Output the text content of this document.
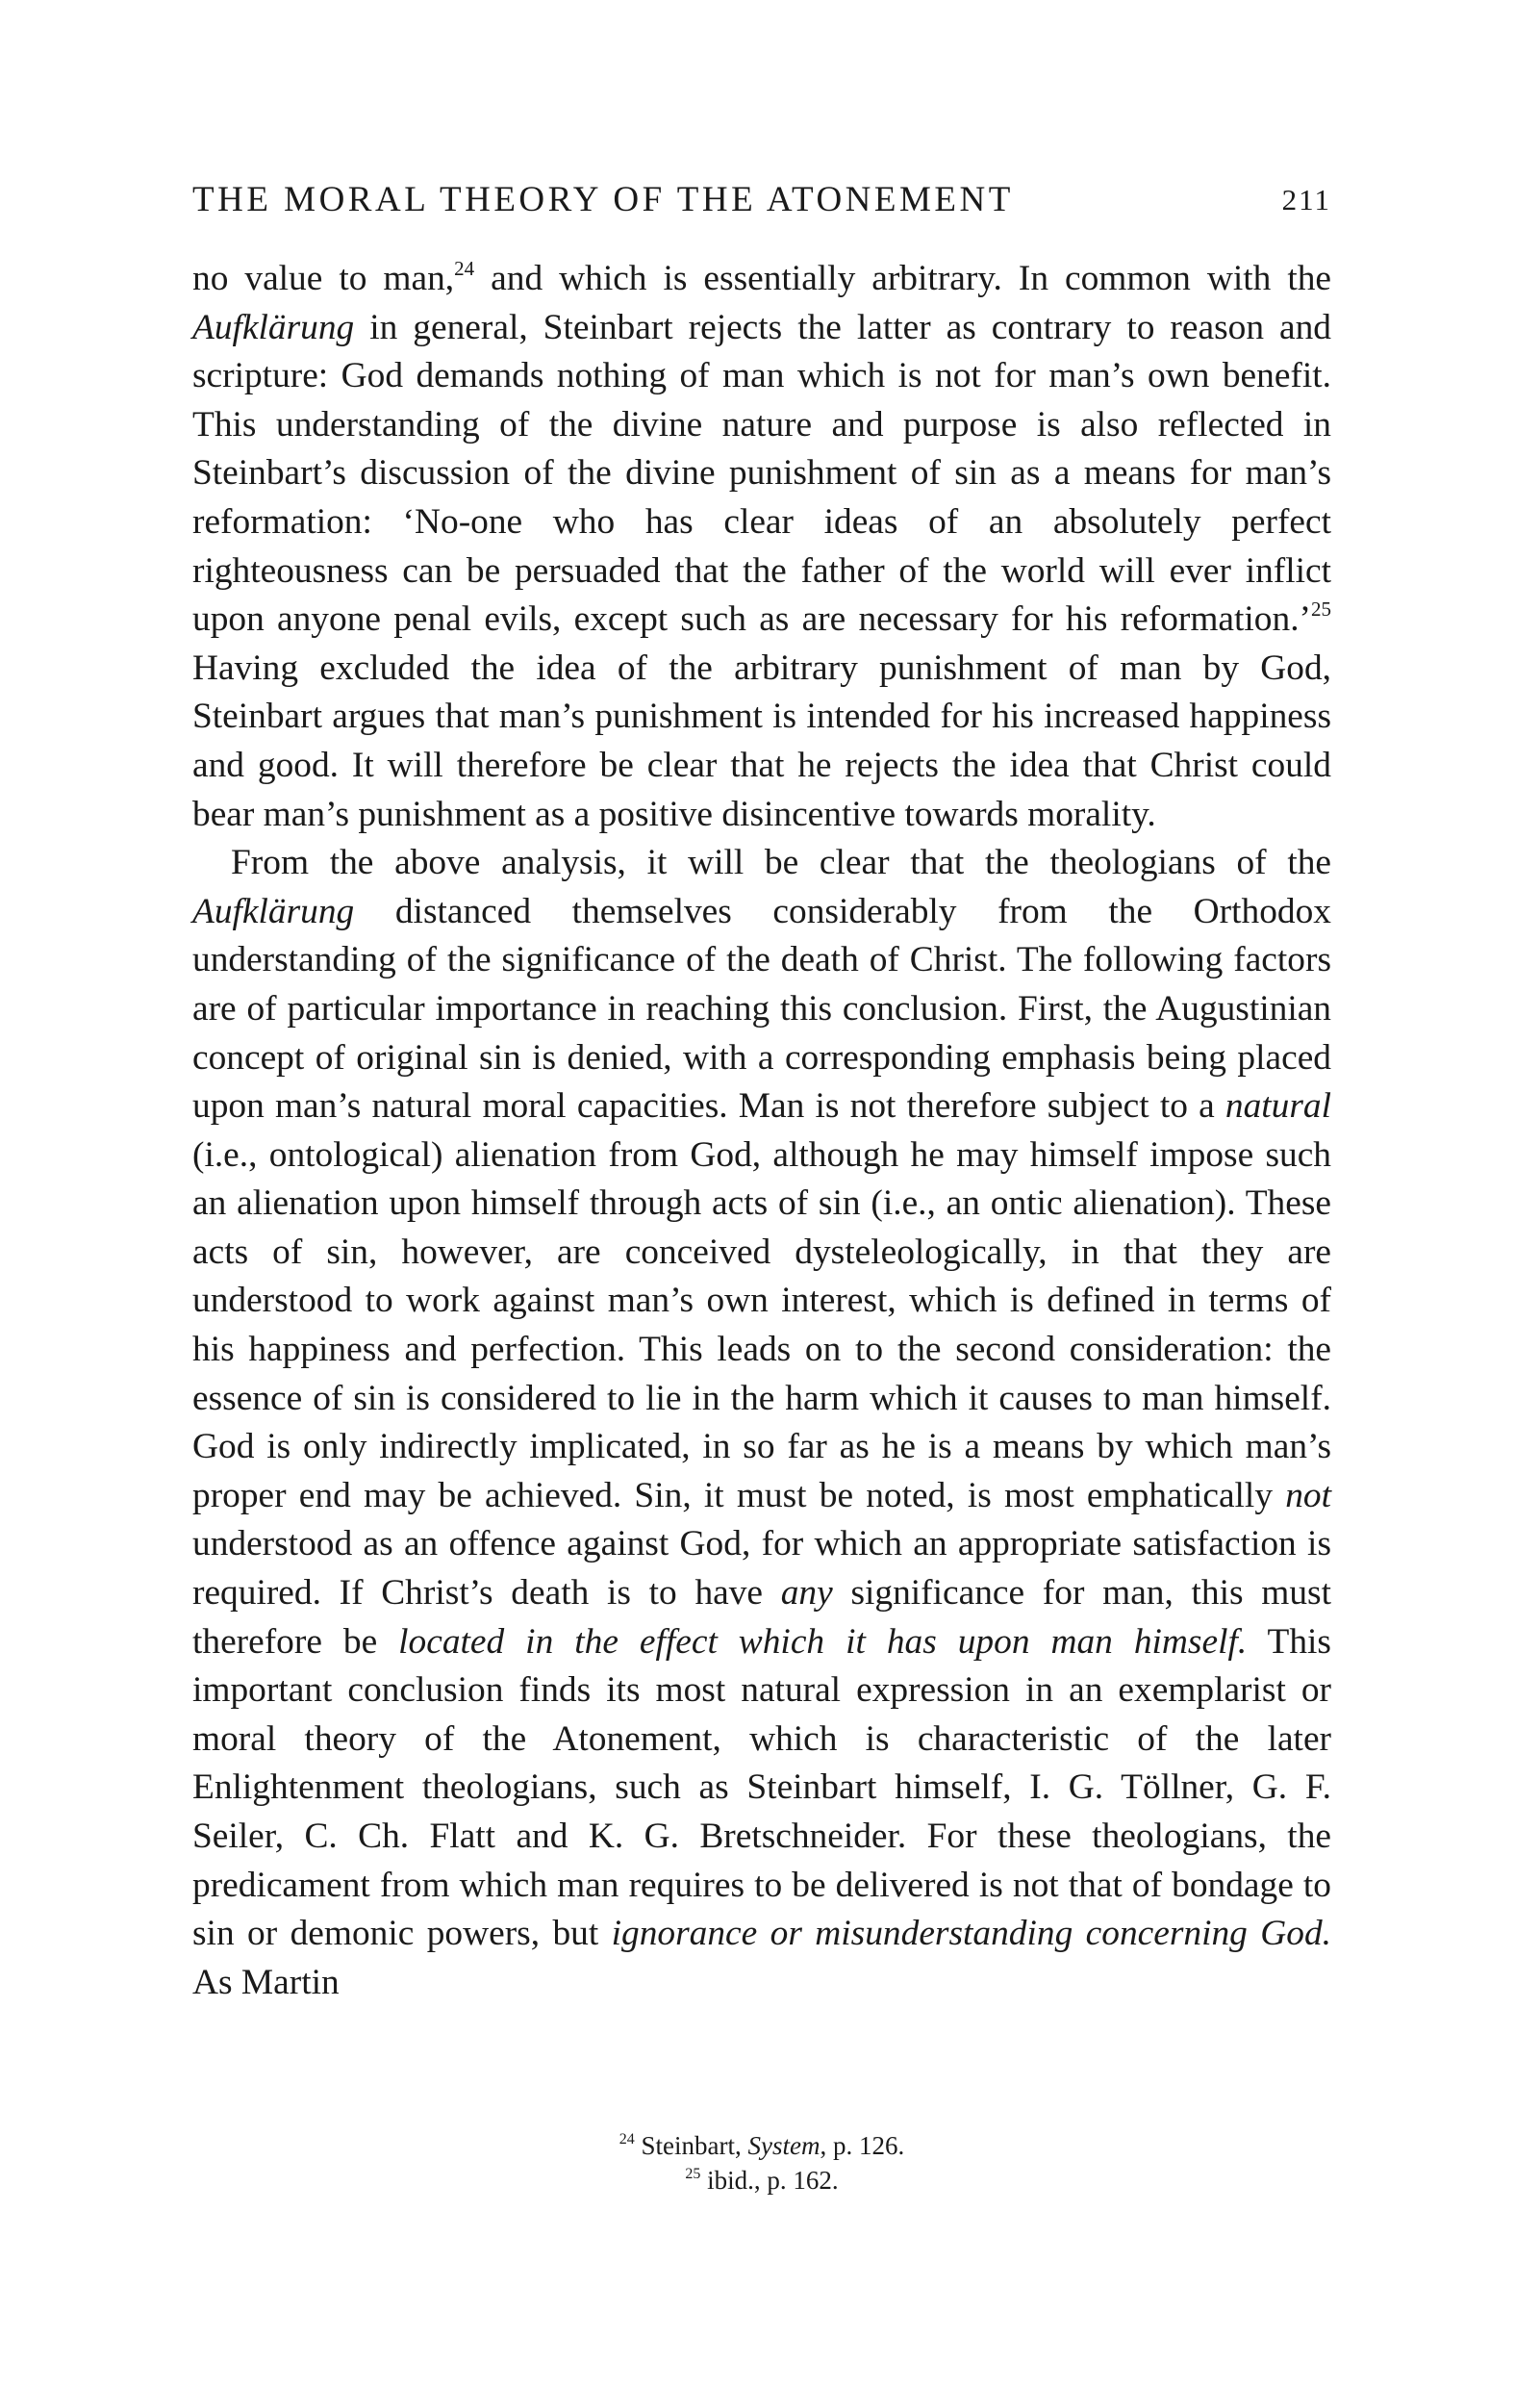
THE MORAL THEORY OF THE ATONEMENT	211

no value to man,$^{24}$ and which is essentially arbitrary. In common with the Aufklärung in general, Steinbart rejects the latter as contrary to reason and scripture: God demands nothing of man which is not for man’s own benefit. This understanding of the divine nature and purpose is also reflected in Steinbart’s discussion of the divine punishment of sin as a means for man’s reformation: ‘No-one who has clear ideas of an absolutely perfect righteousness can be persuaded that the father of the world will ever inflict upon anyone penal evils, except such as are necessary for his reformation.’$^{25}$ Having excluded the idea of the arbitrary punishment of man by God, Steinbart argues that man’s punishment is intended for his increased happiness and good. It will therefore be clear that he rejects the idea that Christ could bear man’s punishment as a positive disincentive towards morality.

From the above analysis, it will be clear that the theologians of the Aufklärung distanced themselves considerably from the Orthodox understanding of the significance of the death of Christ. The following factors are of particular importance in reaching this conclusion. First, the Augustinian concept of original sin is denied, with a corresponding emphasis being placed upon man’s natural moral capacities. Man is not therefore subject to a natural (i.e., ontological) alienation from God, although he may himself impose such an alienation upon himself through acts of sin (i.e., an ontic alienation). These acts of sin, however, are conceived dysteleologically, in that they are understood to work against man’s own interest, which is defined in terms of his happiness and perfection. This leads on to the second consideration: the essence of sin is considered to lie in the harm which it causes to man himself. God is only indirectly implicated, in so far as he is a means by which man’s proper end may be achieved. Sin, it must be noted, is most emphatically not understood as an offence against God, for which an appropriate satisfaction is required. If Christ’s death is to have any significance for man, this must therefore be located in the effect which it has upon man himself. This important conclusion finds its most natural expression in an exemplarist or moral theory of the Atonement, which is characteristic of the later Enlightenment theologians, such as Steinbart himself, I. G. Töllner, G. F. Seiler, C. Ch. Flatt and K. G. Bretschneider. For these theologians, the predicament from which man requires to be delivered is not that of bondage to sin or demonic powers, but ignorance or misunderstanding concerning God. As Martin

$^{24}$ Steinbart, System, p. 126.
$^{25}$ ibid., p. 162.
